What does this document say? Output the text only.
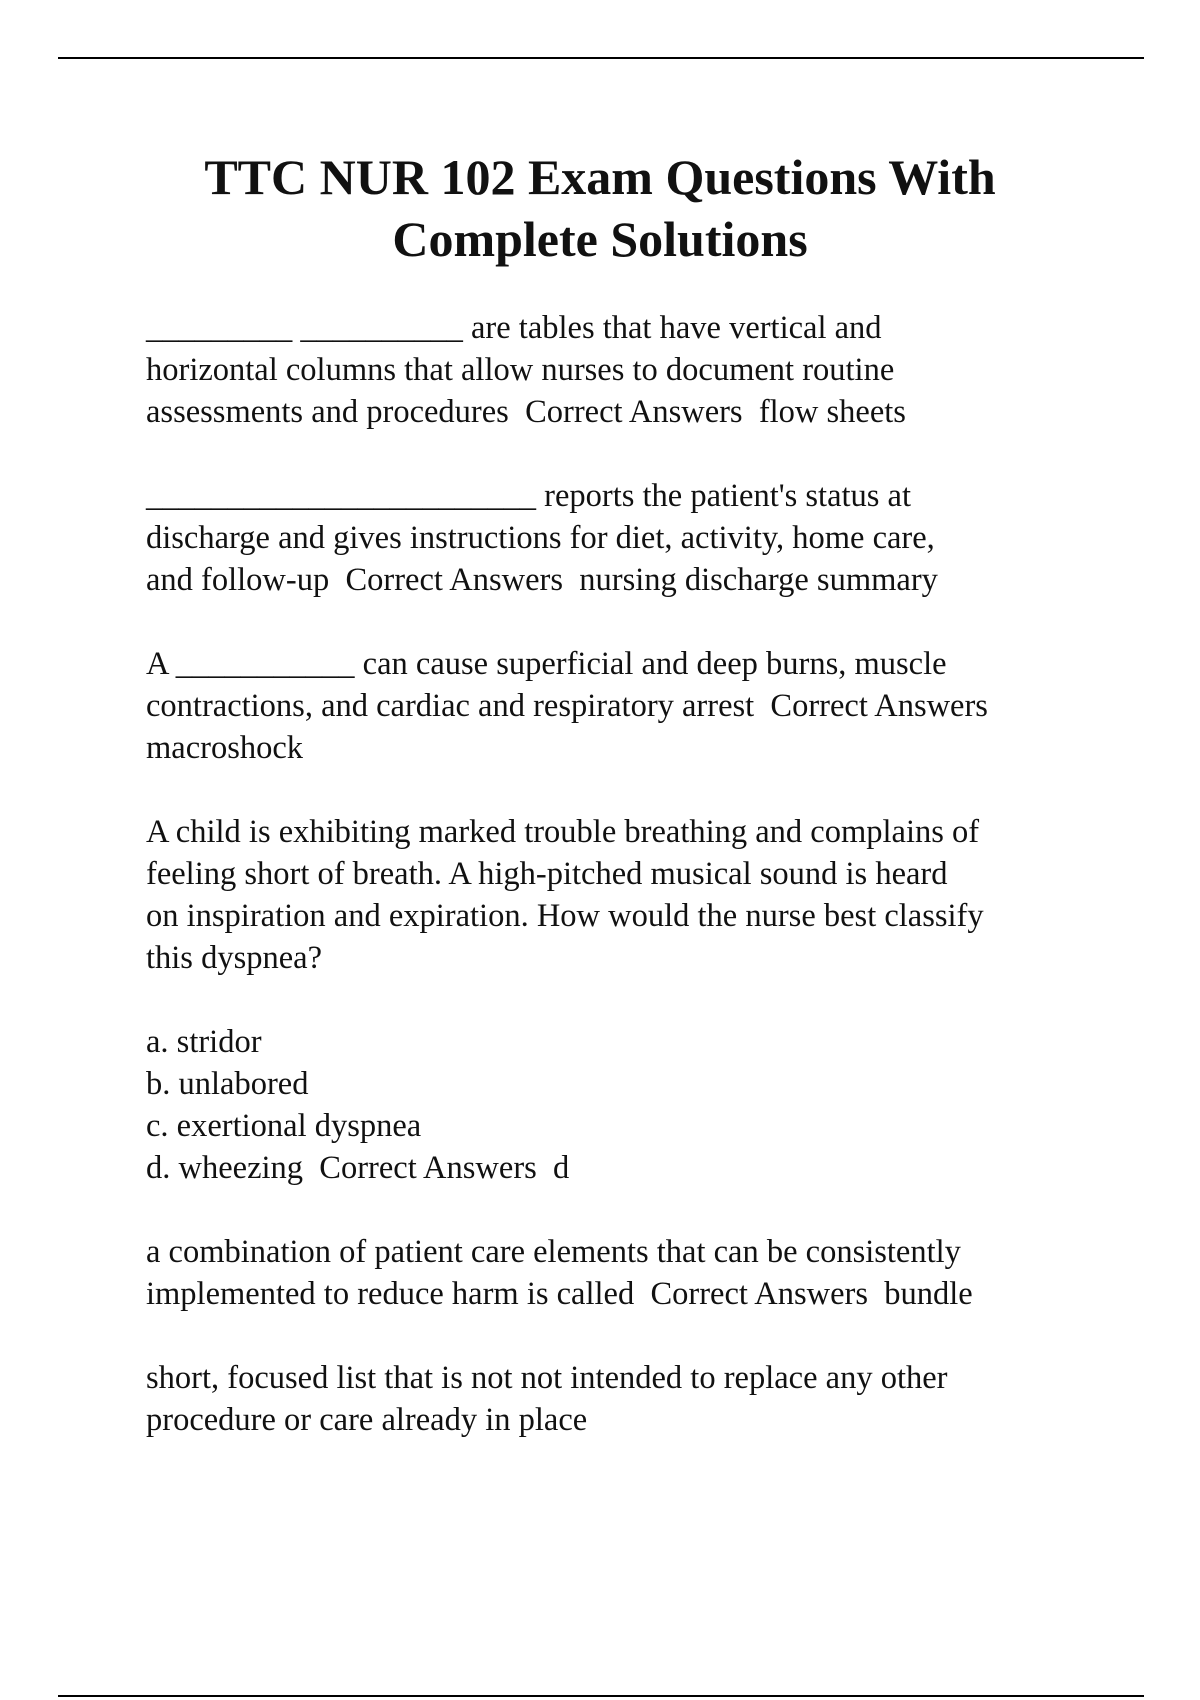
TTC NUR 102 Exam Questions With
Complete Solutions

_________ __________ are tables that have vertical and
horizontal columns that allow nurses to document routine
assessments and procedures  Correct Answers  flow sheets

________________________ reports the patient's status at
discharge and gives instructions for diet, activity, home care,
and follow-up  Correct Answers  nursing discharge summary

A ___________ can cause superficial and deep burns, muscle
contractions, and cardiac and respiratory arrest  Correct Answers
macroshock

A child is exhibiting marked trouble breathing and complains of
feeling short of breath. A high-pitched musical sound is heard
on inspiration and expiration. How would the nurse best classify
this dyspnea?

a. stridor
b. unlabored
c. exertional dyspnea
d. wheezing  Correct Answers  d

a combination of patient care elements that can be consistently
implemented to reduce harm is called  Correct Answers  bundle

short, focused list that is not not intended to replace any other
procedure or care already in place
